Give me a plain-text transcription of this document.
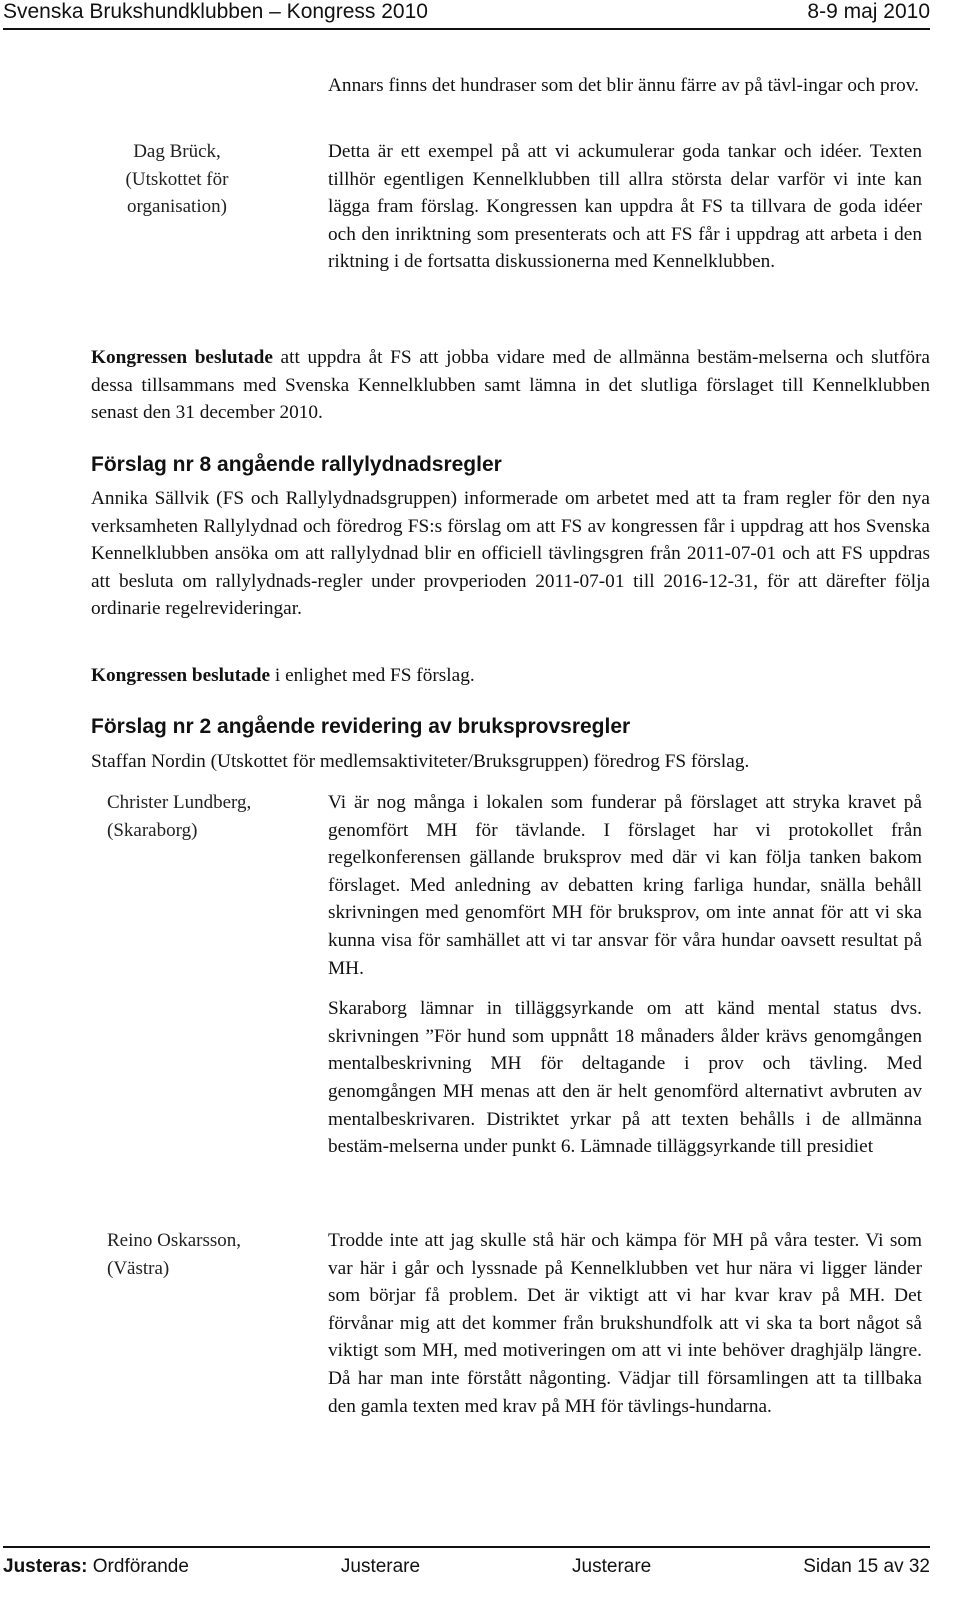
Svenska Brukshundklubben – Kongress 2010	8-9 maj 2010

Annars finns det hundraser som det blir ännu färre av på tävl-ingar och prov.

Dag Brück,
(Utskottet för
organisation)

Detta är ett exempel på att vi ackumulerar goda tankar och idéer. Texten tillhör egentligen Kennelklubben till allra största delar varför vi inte kan lägga fram förslag. Kongressen kan uppdra åt FS ta tillvara de goda idéer och den inriktning som presenterats och att FS får i uppdrag att arbeta i den riktning i de fortsatta diskussionerna med Kennelklubben.

Kongressen beslutade att uppdra åt FS att jobba vidare med de allmänna bestäm-melserna och slutföra dessa tillsammans med Svenska Kennelklubben samt lämna in det slutliga förslaget till Kennelklubben senast den 31 december 2010.

Förslag nr 8 angående rallylydnadsregler

Annika Sällvik (FS och Rallylydnadsgruppen) informerade om arbetet med att ta fram regler för den nya verksamheten Rallylydnad och föredrog FS:s förslag om att FS av kongressen får i uppdrag att hos Svenska Kennelklubben ansöka om att rallylydnad blir en officiell tävlingsgren från 2011-07-01 och att FS uppdras att besluta om rallylydnads-regler under provperioden 2011-07-01 till 2016-12-31, för att därefter följa ordinarie regelrevideringar.

Kongressen beslutade i enlighet med FS förslag.

Förslag nr 2 angående revidering av bruksprovsregler

Staffan Nordin (Utskottet för medlemsaktiviteter/Bruksgruppen) föredrog FS förslag.

Christer Lundberg,
(Skaraborg)

Vi är nog många i lokalen som funderar på förslaget att stryka kravet på genomfört MH för tävlande. I förslaget har vi protokollet från regelkonferensen gällande bruksprov med där vi kan följa tanken bakom förslaget. Med anledning av debatten kring farliga hundar, snälla behåll skrivningen med genomfört MH för bruksprov, om inte annat för att vi ska kunna visa för samhället att vi tar ansvar för våra hundar oavsett resultat på MH.

Skaraborg lämnar in tilläggsyrkande om att känd mental status dvs. skrivningen ”För hund som uppnått 18 månaders ålder krävs genomgången mentalbeskrivning MH för deltagande i prov och tävling. Med genomgången MH menas att den är helt genomförd alternativt avbruten av mentalbeskrivaren. Distriktet yrkar på att texten behålls i de allmänna bestäm-melserna under punkt 6. Lämnade tilläggsyrkande till presidiet

Reino Oskarsson,
(Västra)

Trodde inte att jag skulle stå här och kämpa för MH på våra tester. Vi som var här i går och lyssnade på Kennelklubben vet hur nära vi ligger länder som börjar få problem. Det är viktigt att vi har kvar krav på MH. Det förvånar mig att det kommer från brukshundfolk att vi ska ta bort något så viktigt som MH, med motiveringen om att vi inte behöver draghjälp längre. Då har man inte förstått någonting. Vädjar till församlingen att ta tillbaka den gamla texten med krav på MH för tävlings-hundarna.

Justeras: Ordförande	Justerare	Justerare	Sidan 15 av 32
